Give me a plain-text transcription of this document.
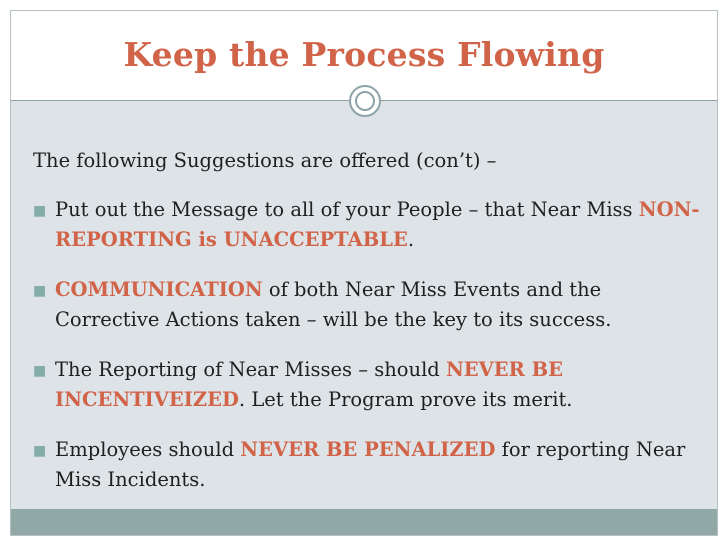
Keep the Process Flowing
The following Suggestions are offered (con’t) –
■ Put out the Message to all of your People – that Near Miss NON-REPORTING is UNACCEPTABLE.
■ COMMUNICATION of both Near Miss Events and the Corrective Actions taken – will be the key to its success.
■ The Reporting of Near Misses – should NEVER BE INCENTIVEIZED. Let the Program prove its merit.
■ Employees should NEVER BE PENALIZED for reporting Near Miss Incidents.
